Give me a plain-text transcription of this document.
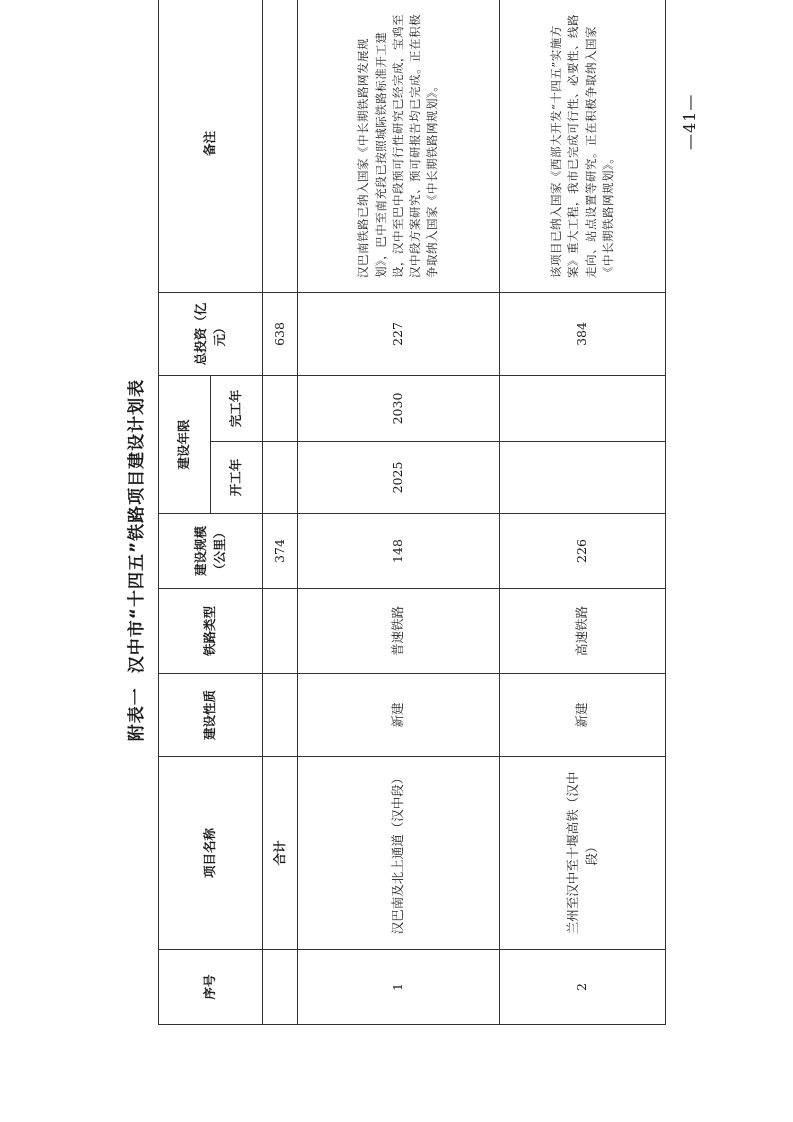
附表一
汉中市“十四五”铁路项目建设计划表
序号	项目名称	建设性质	铁路类型	建设规模（公里）	建设年限		总投资（亿元）	备注
					开工年	完工年		
	合计			374			638	
1	汉巴南及北上通道（汉中段）	新建	普速铁路	148	2025	2030	227	汉巴南铁路已纳入国家《中长期铁路网发展规划》，巴中至南充段已按照城际铁路标准开工建设，汉中至巴中段预可行性研究已经完成，宝鸡至汉中段方案研究、预可研报告均已完成。正在积极争取纳入国家《中长期铁路网规划》。
2	兰州至汉中至十堰高铁（汉中段）	新建	高速铁路	226			384	该项目已纳入国家《西部大开发“十四五”实施方案》重大工程，我市已完成可行性、必要性、线路走向、站点设置等研究。正在积极争取纳入国家《中长期铁路网规划》。
—41—
